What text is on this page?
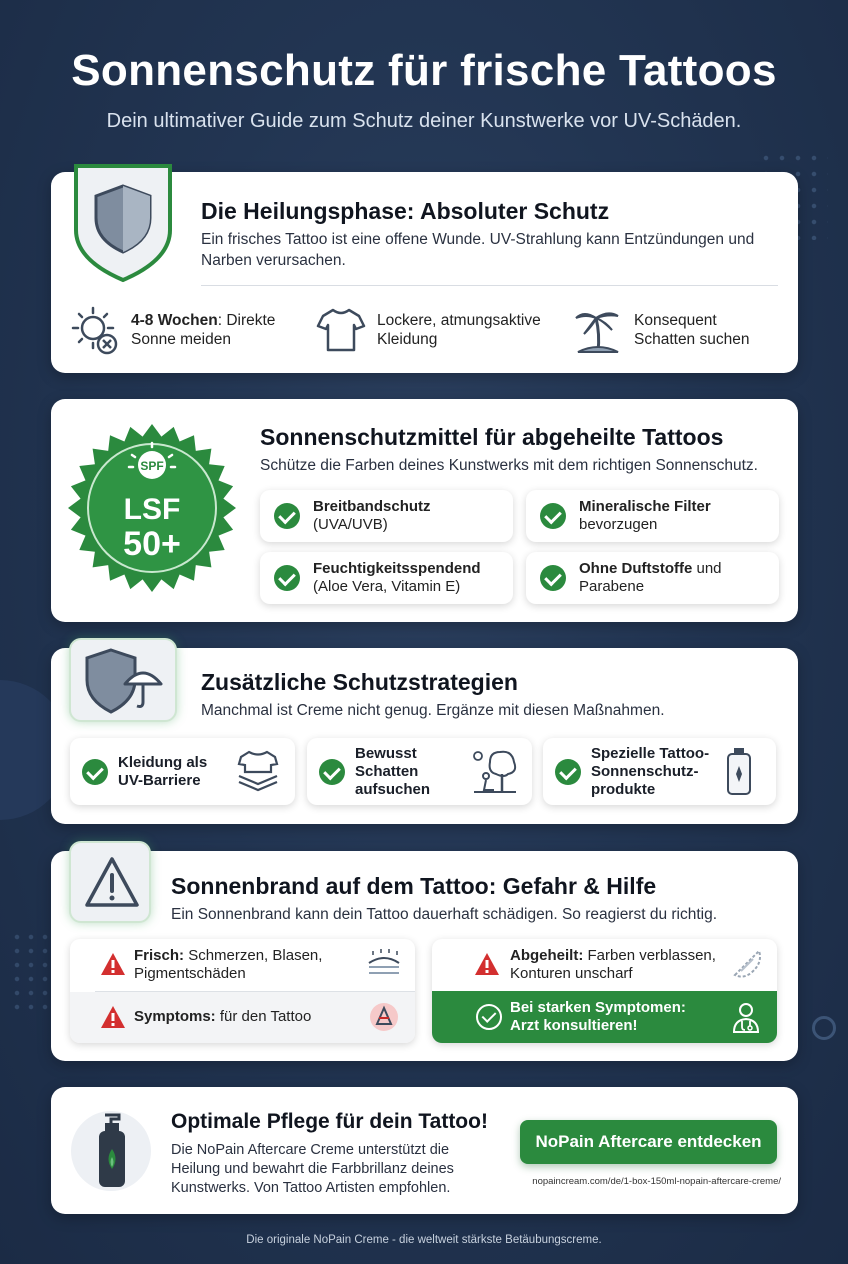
Sonnenschutz für frische Tattoos
Dein ultimativer Guide zum Schutz deiner Kunstwerke vor UV-Schäden.
Die Heilungsphase: Absoluter Schutz
Ein frisches Tattoo ist eine offene Wunde. UV-Strahlung kann Entzündungen und Narben verursachen.
4-8 Wochen: Direkte Sonne meiden
Lockere, atmungsaktive Kleidung
Konsequent Schatten suchen
SPF
LSF
50+
Sonnenschutzmittel für abgeheilte Tattoos
Schütze die Farben deines Kunstwerks mit dem richtigen Sonnenschutz.
Breitbandschutz
(UVA/UVB)
Mineralische Filter
bevorzugen
Feuchtigkeitsspendend
(Aloe Vera, Vitamin E)
Ohne Duftstoffe und Parabene
Zusätzliche Schutzstrategien
Manchmal ist Creme nicht genug. Ergänze mit diesen Maßnahmen.
Kleidung als UV-Barriere
Bewusst Schatten aufsuchen
Spezielle Tattoo-Sonnenschutz-produkte
Sonnenbrand auf dem Tattoo: Gefahr & Hilfe
Ein Sonnenbrand kann dein Tattoo dauerhaft schädigen. So reagierst du richtig.
Frisch: Schmerzen, Blasen, Pigmentschäden
Symptoms: für den Tattoo
Abgeheilt: Farben verblassen, Konturen unscharf
Bei starken Symptomen:
Arzt konsultieren!
Optimale Pflege für dein Tattoo!
Die NoPain Aftercare Creme unterstützt die Heilung und bewahrt die Farbbrillanz deines Kunstwerks. Von Tattoo Artisten empfohlen.
NoPain Aftercare entdecken
nopaincream.com/de/1-box-150ml-nopain-aftercare-creme/
Die originale NoPain Creme - die weltweit stärkste Betäubungscreme.
